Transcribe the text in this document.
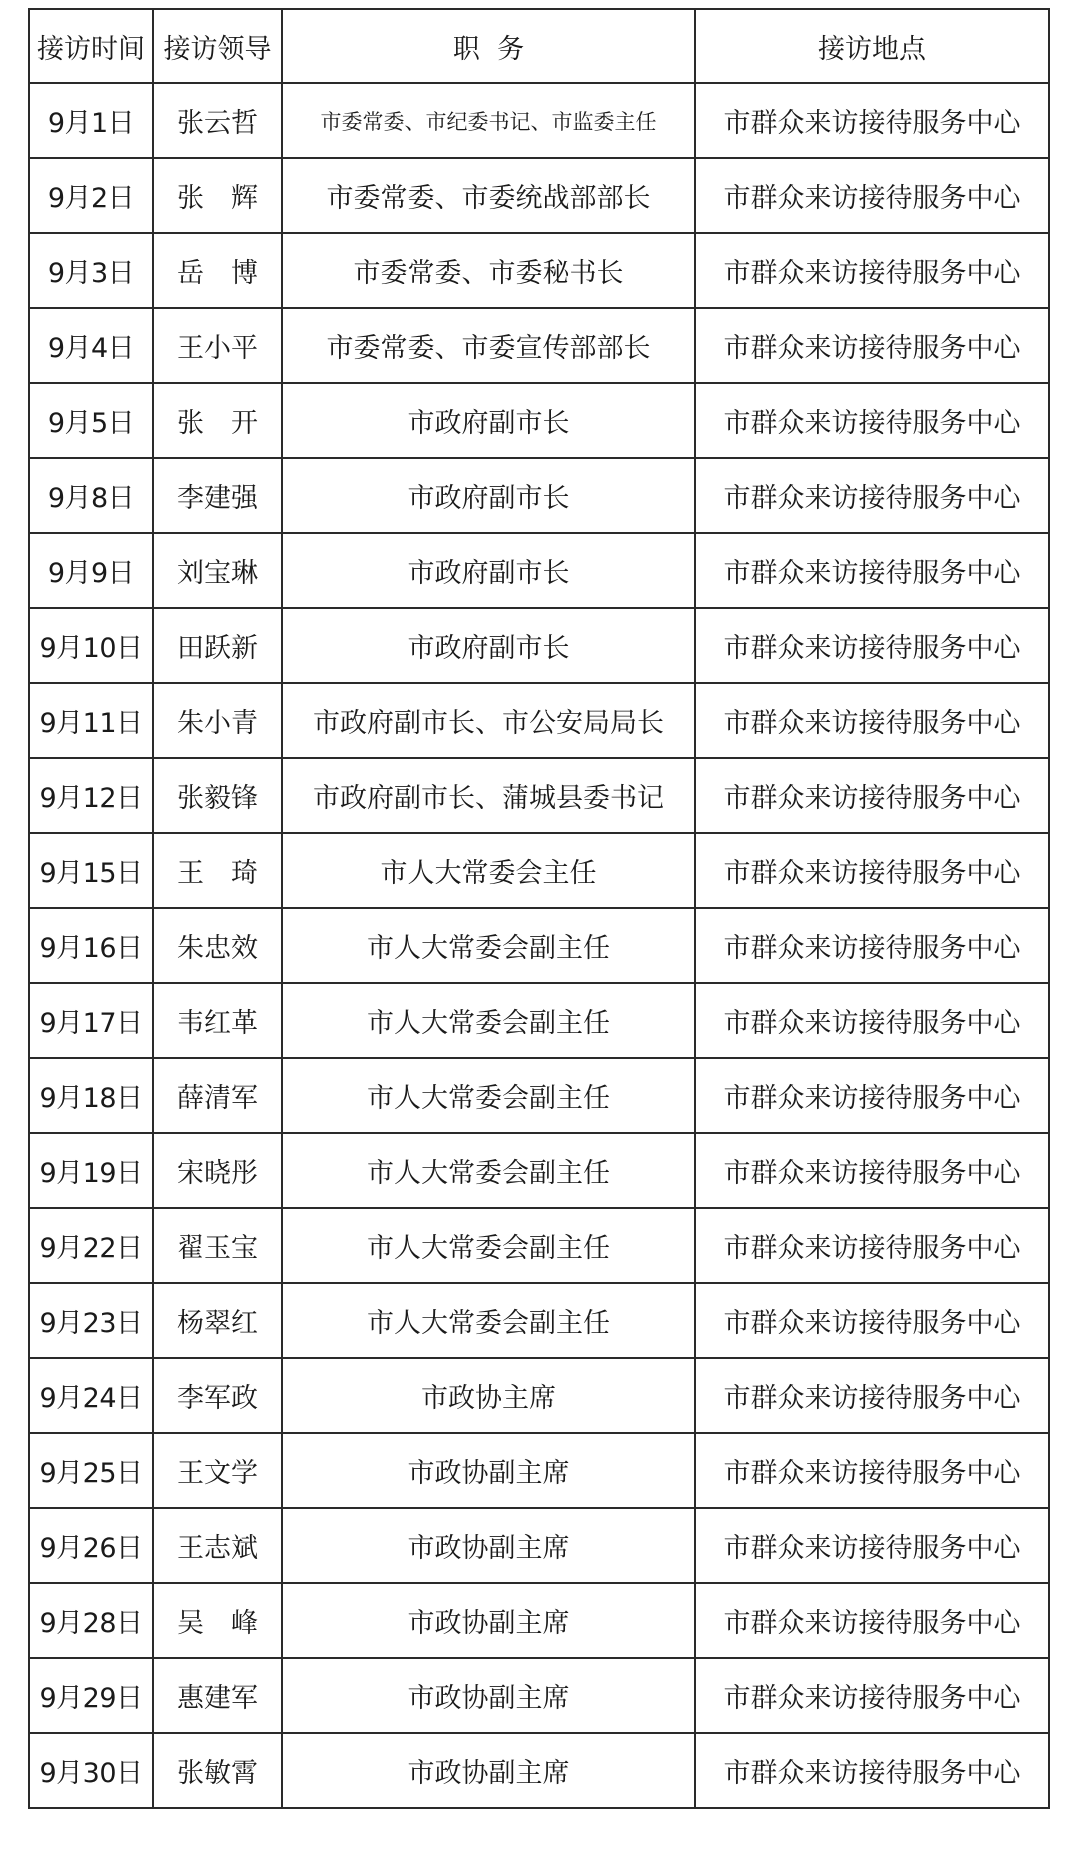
接访时间	接访领导	职  务	接访地点
9月1日	张云哲	市委常委、市纪委书记、市监委主任	市群众来访接待服务中心
9月2日	张　辉	市委常委、市委统战部部长	市群众来访接待服务中心
9月3日	岳　博	市委常委、市委秘书长	市群众来访接待服务中心
9月4日	王小平	市委常委、市委宣传部部长	市群众来访接待服务中心
9月5日	张　开	市政府副市长	市群众来访接待服务中心
9月8日	李建强	市政府副市长	市群众来访接待服务中心
9月9日	刘宝琳	市政府副市长	市群众来访接待服务中心
9月10日	田跃新	市政府副市长	市群众来访接待服务中心
9月11日	朱小青	市政府副市长、市公安局局长	市群众来访接待服务中心
9月12日	张毅锋	市政府副市长、蒲城县委书记	市群众来访接待服务中心
9月15日	王　琦	市人大常委会主任	市群众来访接待服务中心
9月16日	朱忠效	市人大常委会副主任	市群众来访接待服务中心
9月17日	韦红革	市人大常委会副主任	市群众来访接待服务中心
9月18日	薛清军	市人大常委会副主任	市群众来访接待服务中心
9月19日	宋晓彤	市人大常委会副主任	市群众来访接待服务中心
9月22日	翟玉宝	市人大常委会副主任	市群众来访接待服务中心
9月23日	杨翠红	市人大常委会副主任	市群众来访接待服务中心
9月24日	李军政	市政协主席	市群众来访接待服务中心
9月25日	王文学	市政协副主席	市群众来访接待服务中心
9月26日	王志斌	市政协副主席	市群众来访接待服务中心
9月28日	吴　峰	市政协副主席	市群众来访接待服务中心
9月29日	惠建军	市政协副主席	市群众来访接待服务中心
9月30日	张敏霄	市政协副主席	市群众来访接待服务中心
